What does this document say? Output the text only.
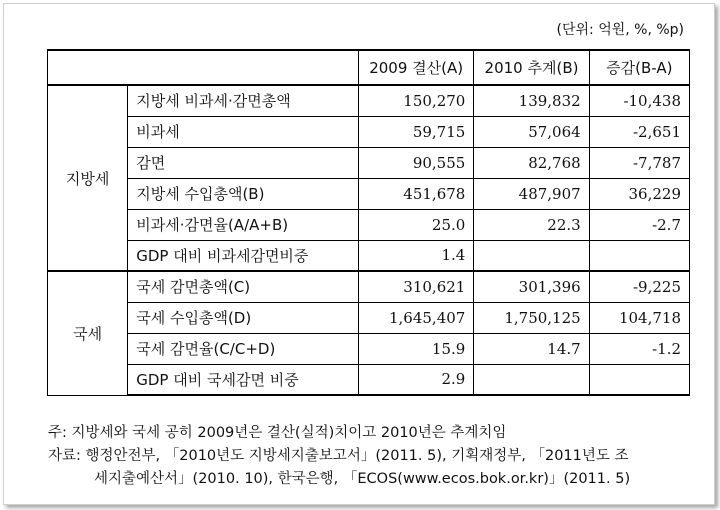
(단위: 억원, %, %p)
		2009 결산(A)	2010 추계(B)	증감(B-A)
지방세	지방세 비과세·감면총액	150,270	139,832	-10,438
	비과세	59,715	57,064	-2,651
	감면	90,555	82,768	-7,787
	지방세 수입총액(B)	451,678	487,907	36,229
	비과세·감면율(A/A+B)	25.0	22.3	-2.7
	GDP 대비 비과세감면비중	1.4		
국세	국세 감면총액(C)	310,621	301,396	-9,225
	국세 수입총액(D)	1,645,407	1,750,125	104,718
	국세 감면율(C/C+D)	15.9	14.7	-1.2
	GDP 대비 국세감면 비중	2.9		
주: 지방세와 국세 공히 2009년은 결산(실적)치이고 2010년은 추계치임
자료: 행정안전부, 「2010년도 지방세지출보고서」(2011. 5), 기획재정부, 「2011년도 조
세지출예산서」(2010. 10), 한국은행, 「ECOS(www.ecos.bok.or.kr)」(2011. 5)
